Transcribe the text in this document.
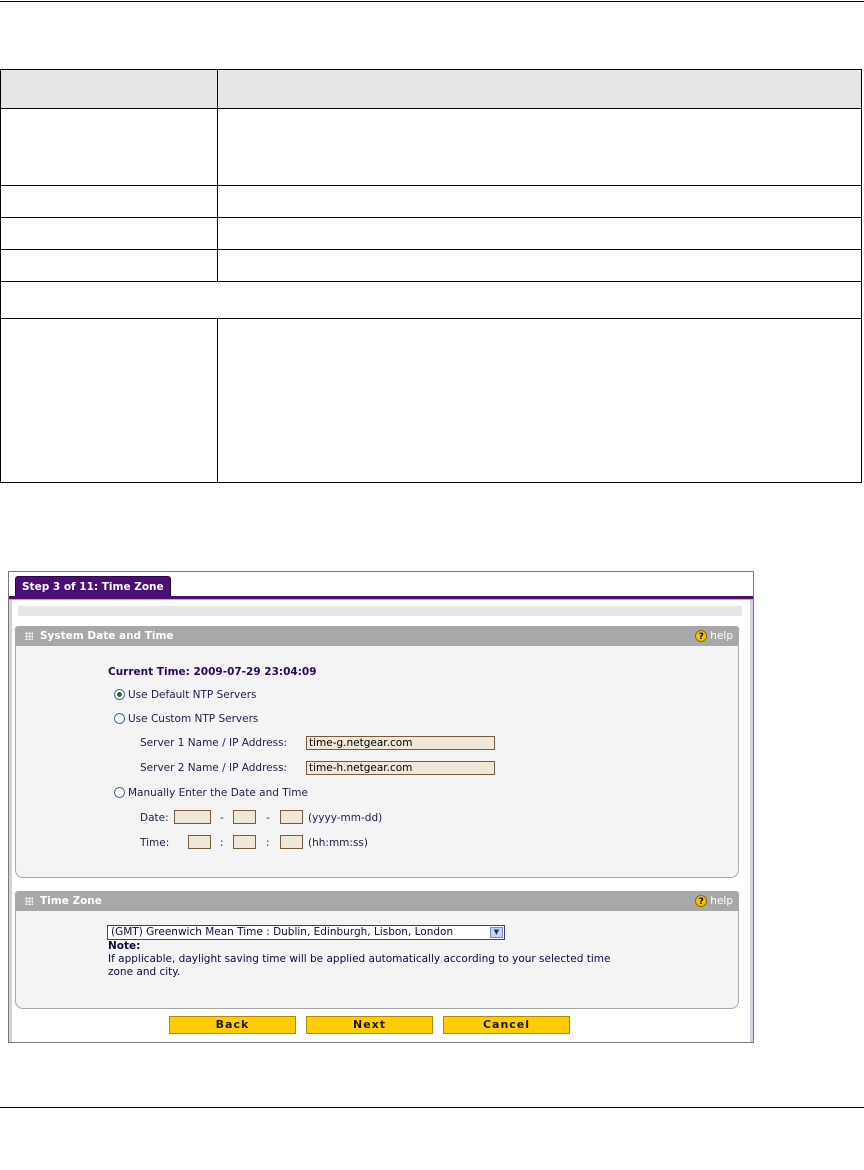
Step 3 of 11: Time Zone
System Date and Time	? help
Current Time: 2009-07-29 23:04:09
Use Default NTP Servers
Use Custom NTP Servers
Server 1 Name / IP Address: time-g.netgear.com
Server 2 Name / IP Address: time-h.netgear.com
Manually Enter the Date and Time
Date:	-	-	(yyyy-mm-dd)
Time:	:	:	(hh:mm:ss)
Time Zone	? help
(GMT) Greenwich Mean Time : Dublin, Edinburgh, Lisbon, London	▼
Note:
If applicable, daylight saving time will be applied automatically according to your selected time
zone and city.
Back	Next	Cancel
